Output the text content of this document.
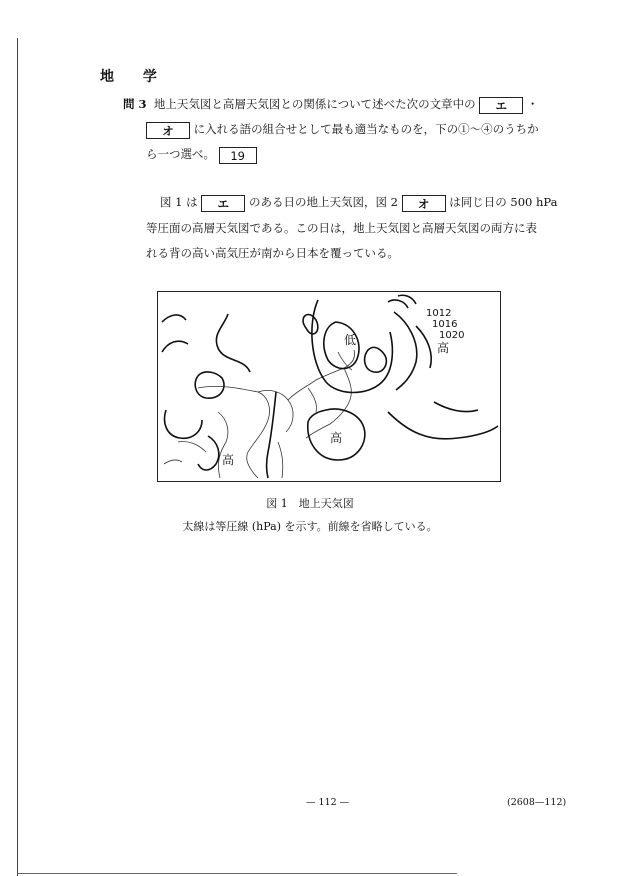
地 学
問 3 地上天気図と高層天気図との関係について述べた次の文章中の エ ・
オ に入れる語の組合せとして最も適当なものを，下の①〜④のうちか
ら一つ選べ。 19
図 1 は エ のある日の地上天気図，図 2 オ は同じ日の 500 hPa
等圧面の高層天気図である。この日は，地上天気図と高層天気図の両方に表
れる背の高い高気圧が南から日本を覆っている。
1012
1016
1020
低
高
高
高
図 1　地上天気図
太線は等圧線 (hPa) を示す。前線を省略している。
— 112 —	(2608—112)
